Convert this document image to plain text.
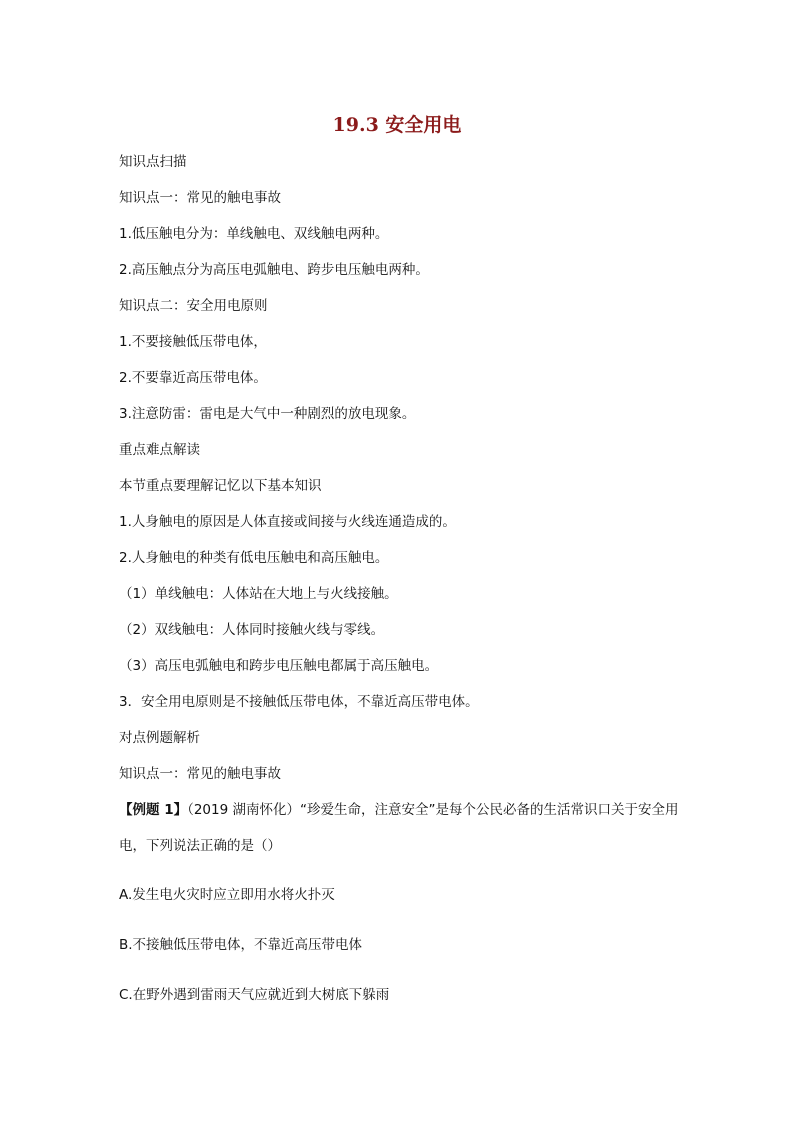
19.3 安全用电
知识点扫描
知识点一：常见的触电事故
1.低压触电分为：单线触电、双线触电两种。
2.高压触点分为高压电弧触电、跨步电压触电两种。
知识点二：安全用电原则
1.不要接触低压带电体，
2.不要靠近高压带电体。
3.注意防雷：雷电是大气中一种剧烈的放电现象。
重点难点解读
本节重点要理解记忆以下基本知识
1.人身触电的原因是人体直接或间接与火线连通造成的。
2.人身触电的种类有低电压触电和高压触电。
（1）单线触电：人体站在大地上与火线接触。
（2）双线触电：人体同时接触火线与零线。
（3）高压电弧触电和跨步电压触电都属于高压触电。
3．安全用电原则是不接触低压带电体，不靠近高压带电体。
对点例题解析
知识点一：常见的触电事故
【例题 1】（2019 湖南怀化）“珍爱生命，注意安全”是每个公民必备的生活常识口关于安全用电，下列说法正确的是（）
A.发生电火灾时应立即用水将火扑灭
B.不接触低压带电体，不靠近高压带电体
C.在野外遇到雷雨天气应就近到大树底下躲雨
